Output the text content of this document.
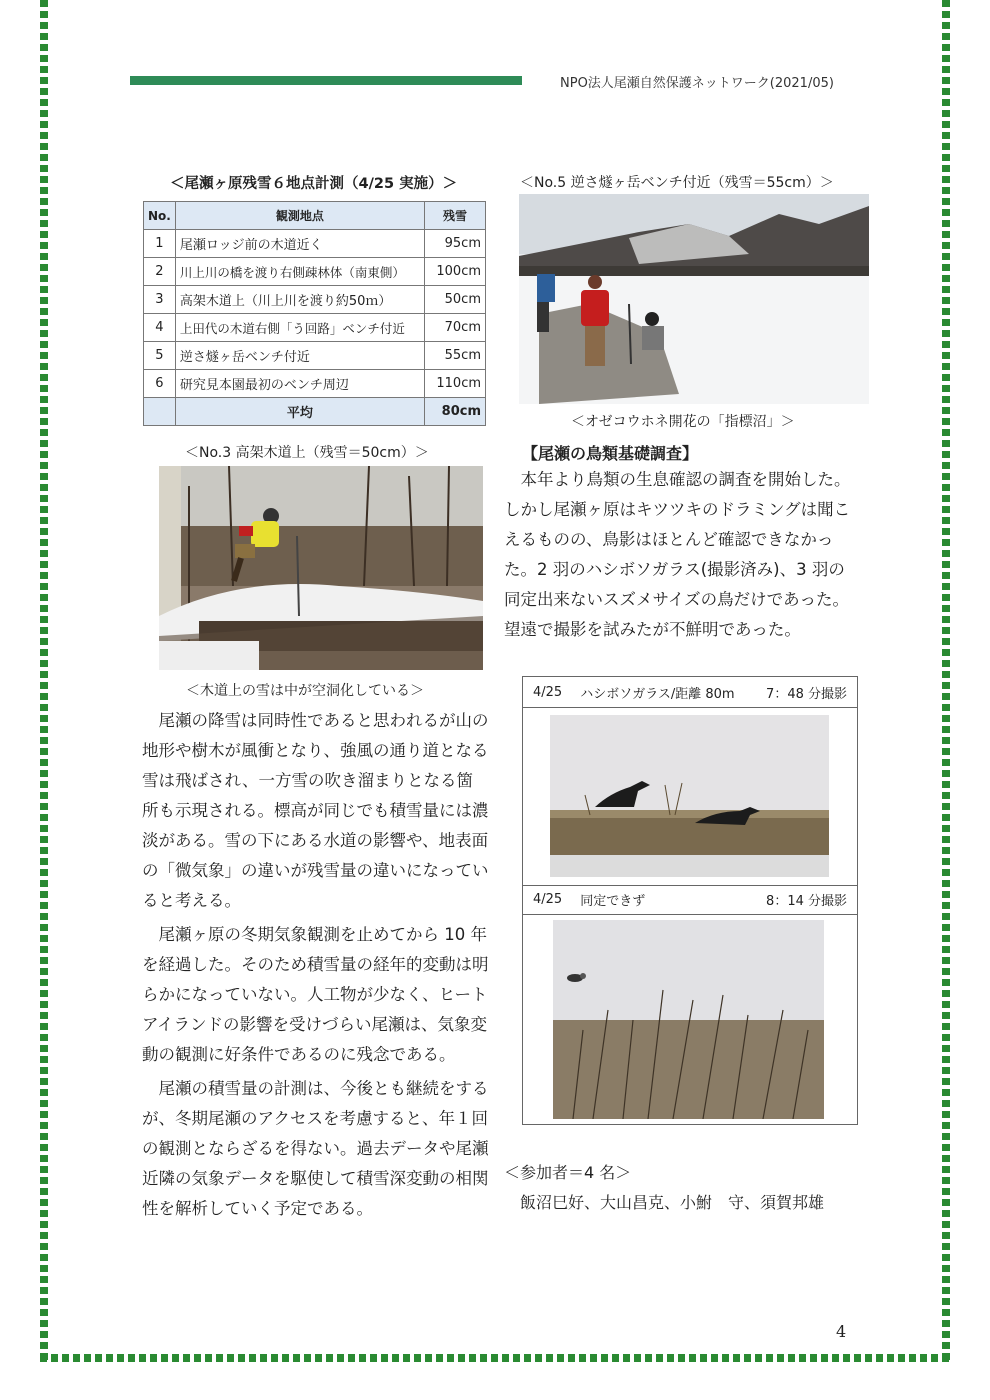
NPO法人尾瀬自然保護ネットワーク(2021/05)
＜尾瀬ヶ原残雪６地点計測（4/25 実施）＞
No.	観測地点	残雪
1	尾瀬ロッジ前の木道近く	95cm
2	川上川の橋を渡り右側疎林体（南東側）	100cm
3	高架木道上（川上川を渡り約50ｍ）	50cm
4	上田代の木道右側「う回路」ベンチ付近	70cm
5	逆さ燧ヶ岳ベンチ付近	55cm
6	研究見本園最初のベンチ周辺	110cm
	平均	80cm
＜No.3 高架木道上（残雪＝50cm）＞
＜木道上の雪は中が空洞化している＞

尾瀬の降雪は同時性であると思われるが山の地形や樹木が風衝となり、強風の通り道となる雪は飛ばされ、一方雪の吹き溜まりとなる箇所も示現される。標高が同じでも積雪量には濃淡がある。雪の下にある水道の影響や、地表面の「微気象」の違いが残雪量の違いになっていると考える。

尾瀬ヶ原の冬期気象観測を止めてから 10 年を経過した。そのため積雪量の経年的変動は明らかになっていない。人工物が少なく、ヒートアイランドの影響を受けづらい尾瀬は、気象変動の観測に好条件であるのに残念である。

尾瀬の積雪量の計測は、今後とも継続をするが、冬期尾瀬のアクセスを考慮すると、年１回の観測とならざるを得ない。過去データや尾瀬近隣の気象データを駆使して積雪深変動の相関性を解析していく予定である。

＜No.5 逆さ燧ヶ岳ベンチ付近（残雪＝55cm）＞
＜オゼコウホネ開花の「指標沼」＞
【尾瀬の鳥類基礎調査】

本年より鳥類の生息確認の調査を開始した。しかし尾瀬ヶ原はキツツキのドラミングは聞こえるものの、鳥影はほとんど確認できなかった。2 羽のハシボソガラス(撮影済み)、3 羽の同定出来ないスズメサイズの鳥だけであった。望遠で撮影を試みたが不鮮明であった。

4/25 ハシボソガラス/距離 80m 7：48 分撮影
4/25 同定できず	8：14 分撮影
＜参加者＝4 名＞
飯沼巳好、大山昌克、小鮒　守、須賀邦雄
4
